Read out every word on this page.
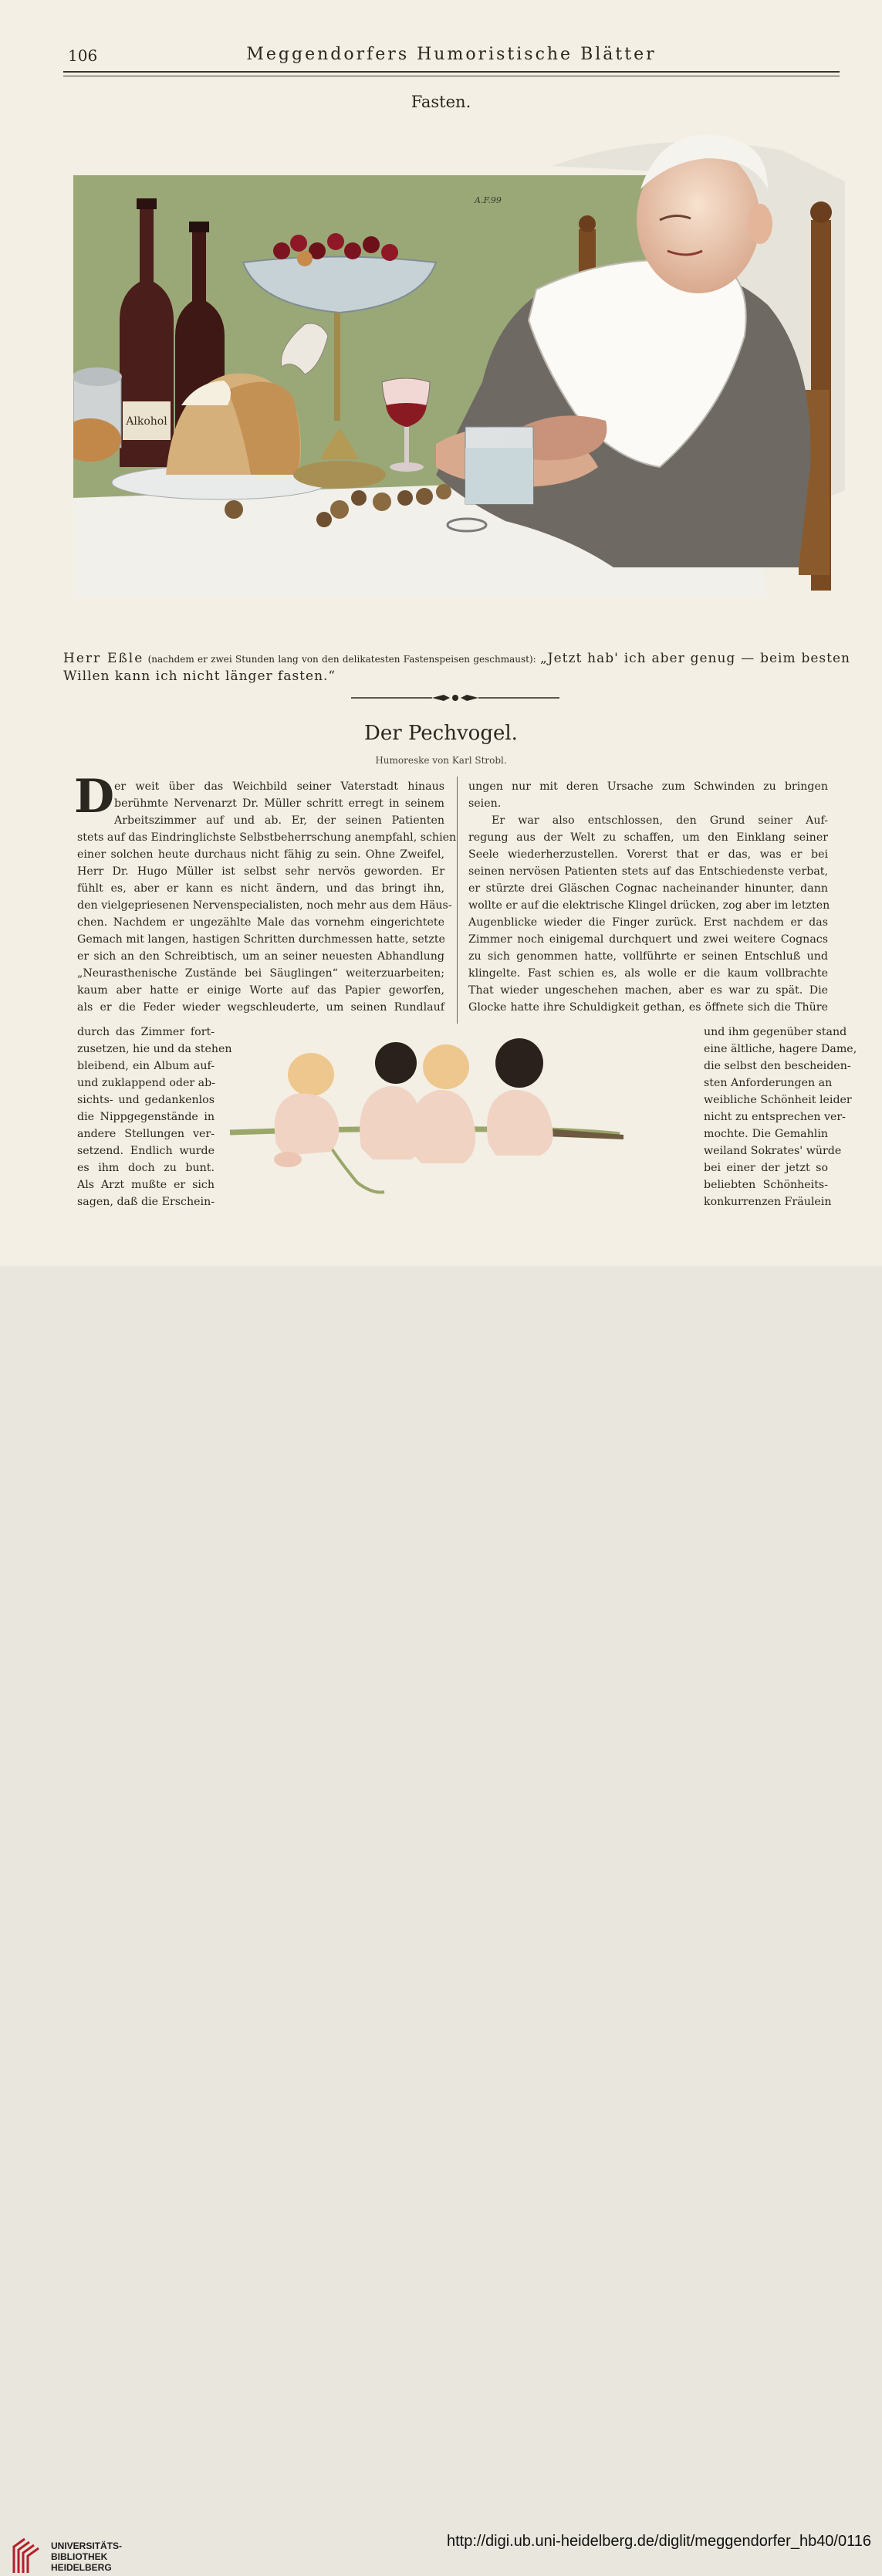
106	Meggendorfers Humoristische Blätter
Fasten.
Alkohol
A.F.99
Herr Eßle (nachdem er zwei Stunden lang von den delikatesten Fastenspeisen geschmaust): „Jetzt hab' ich aber genug — beim besten Willen kann ich nicht länger fasten.“
Der Pechvogel.
Humoreske von Karl Strobl.
D er weit über das Weichbild seiner Vaterstadt hinaus
berühmte Nervenarzt Dr. Müller schritt erregt in seinem
Arbeitszimmer auf und ab. Er, der seinen Patienten
stets auf das Eindringlichste Selbstbeherrschung anempfahl, schien
einer solchen heute durchaus nicht fähig zu sein. Ohne Zweifel,
Herr Dr. Hugo Müller ist selbst sehr nervös geworden. Er
fühlt es, aber er kann es nicht ändern, und das bringt ihn,
den vielgepriesenen Nervenspecialisten, noch mehr aus dem Häus-
chen. Nachdem er ungezählte Male das vornehm eingerichtete
Gemach mit langen, hastigen Schritten durchmessen hatte, setzte
er sich an den Schreibtisch, um an seiner neuesten Abhandlung
„Neurasthenische Zustände bei Säuglingen“ weiterzuarbeiten;
kaum aber hatte er einige Worte auf das Papier geworfen,
als er die Feder wieder wegschleuderte, um seinen Rundlauf
ungen nur mit deren Ursache zum Schwinden zu bringen
seien.
Er war also entschlossen, den Grund seiner Auf-
regung aus der Welt zu schaffen, um den Einklang seiner
Seele wiederherzustellen. Vorerst that er das, was er bei
seinen nervösen Patienten stets auf das Entschiedenste verbat,
er stürzte drei Gläschen Cognac nacheinander hinunter, dann
wollte er auf die elektrische Klingel drücken, zog aber im letzten
Augenblicke wieder die Finger zurück. Erst nachdem er das
Zimmer noch einigemal durchquert und zwei weitere Cognacs
zu sich genommen hatte, vollführte er seinen Entschluß und
klingelte. Fast schien es, als wolle er die kaum vollbrachte
That wieder ungeschehen machen, aber es war zu spät. Die
Glocke hatte ihre Schuldigkeit gethan, es öffnete sich die Thüre
durch das Zimmer fort-
zusetzen, hie und da stehen
bleibend, ein Album auf-
und zuklappend oder ab-
sichts- und gedankenlos
die Nippgegenstände in
andere Stellungen ver-
setzend. Endlich wurde
es ihm doch zu bunt.
Als Arzt mußte er sich
sagen, daß die Erschein-
und ihm gegenüber stand
eine ältliche, hagere Dame,
die selbst den bescheiden-
sten Anforderungen an
weibliche Schönheit leider
nicht zu entsprechen ver-
mochte. Die Gemahlin
weiland Sokrates' würde
bei einer der jetzt so
beliebten Schönheits-
konkurrenzen Fräulein
UNIVERSITÄTS-
BIBLIOTHEK
HEIDELBERG
http://digi.ub.uni-heidelberg.de/diglit/meggendorfer_hb40/0116
